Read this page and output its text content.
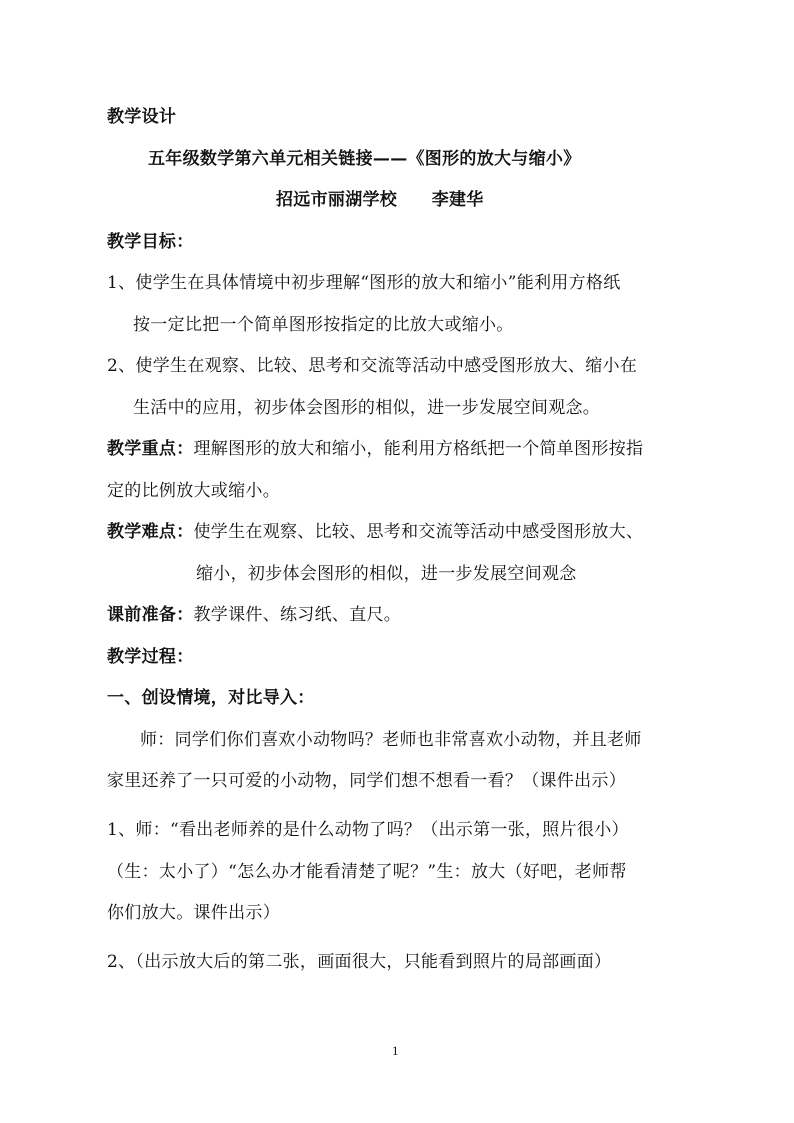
教学设计
五年级数学第六单元相关链接——《图形的放大与缩小》
招远市丽湖学校　　李建华
教学目标：
1、使学生在具体情境中初步理解“图形的放大和缩小”能利用方格纸
按一定比把一个简单图形按指定的比放大或缩小。
2、使学生在观察、比较、思考和交流等活动中感受图形放大、缩小在
生活中的应用，初步体会图形的相似，进一步发展空间观念。
教学重点：理解图形的放大和缩小，能利用方格纸把一个简单图形按指
定的比例放大或缩小。
教学难点：使学生在观察、比较、思考和交流等活动中感受图形放大、
缩小，初步体会图形的相似，进一步发展空间观念
课前准备：教学课件、练习纸、直尺。
教学过程：
一、创设情境，对比导入：
师：同学们你们喜欢小动物吗？老师也非常喜欢小动物，并且老师
家里还养了一只可爱的小动物，同学们想不想看一看？（课件出示）
1、师：“看出老师养的是什么动物了吗？（出示第一张，照片很小）
（生：太小了）“怎么办才能看清楚了呢？”生：放大（好吧，老师帮
你们放大。课件出示）
2、（出示放大后的第二张，画面很大，只能看到照片的局部画面）
1
